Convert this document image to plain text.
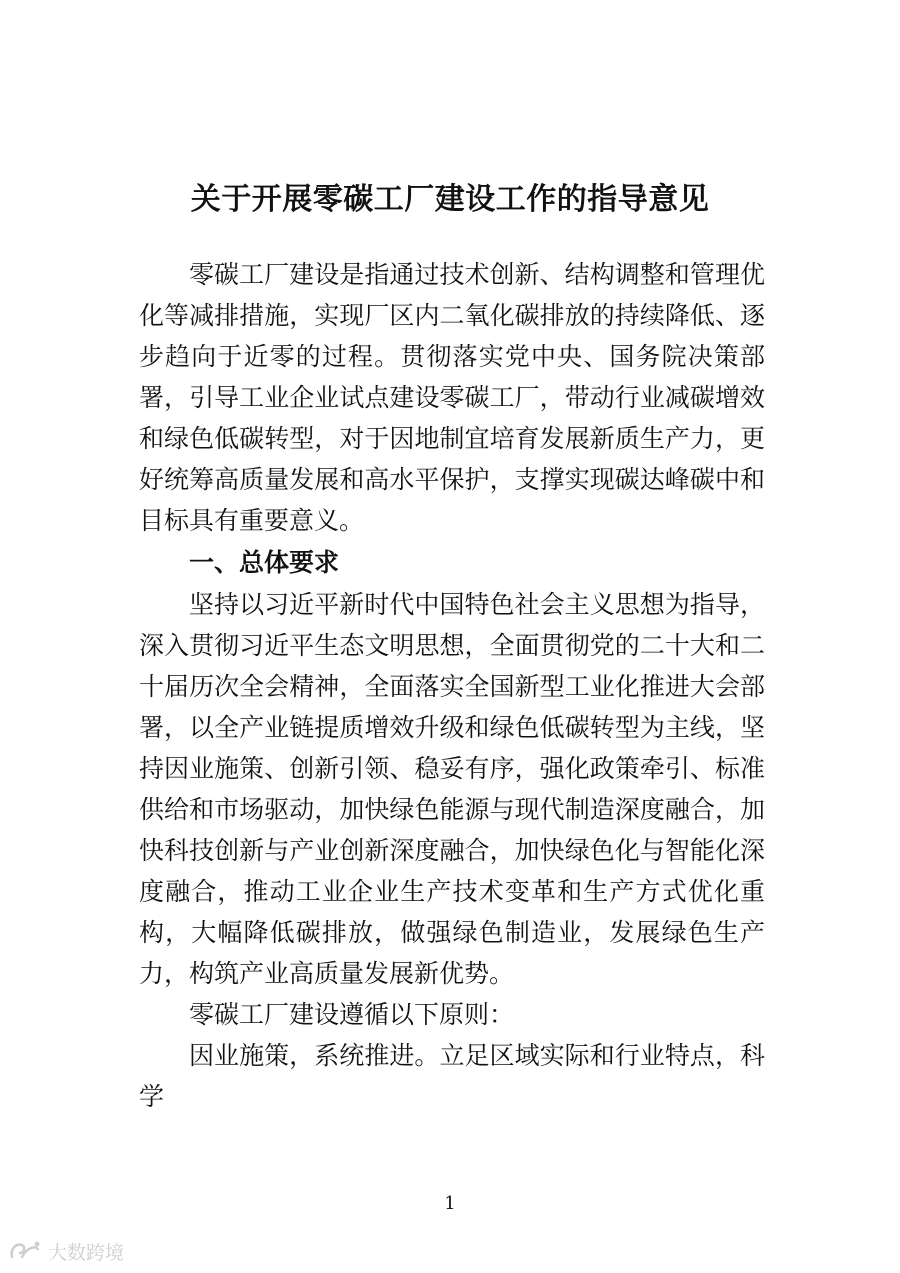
关于开展零碳工厂建设工作的指导意见

零碳工厂建设是指通过技术创新、结构调整和管理优化等减排措施，实现厂区内二氧化碳排放的持续降低、逐步趋向于近零的过程。贯彻落实党中央、国务院决策部署，引导工业企业试点建设零碳工厂，带动行业减碳增效和绿色低碳转型，对于因地制宜培育发展新质生产力，更好统筹高质量发展和高水平保护，支撑实现碳达峰碳中和目标具有重要意义。

一、总体要求

坚持以习近平新时代中国特色社会主义思想为指导，深入贯彻习近平生态文明思想，全面贯彻党的二十大和二十届历次全会精神，全面落实全国新型工业化推进大会部署，以全产业链提质增效升级和绿色低碳转型为主线，坚持因业施策、创新引领、稳妥有序，强化政策牵引、标准供给和市场驱动，加快绿色能源与现代制造深度融合，加快科技创新与产业创新深度融合，加快绿色化与智能化深度融合，推动工业企业生产技术变革和生产方式优化重构，大幅降低碳排放，做强绿色制造业，发展绿色生产力，构筑产业高质量发展新优势。

零碳工厂建设遵循以下原则：

因业施策，系统推进。立足区域实际和行业特点，科学

1
大数跨境
